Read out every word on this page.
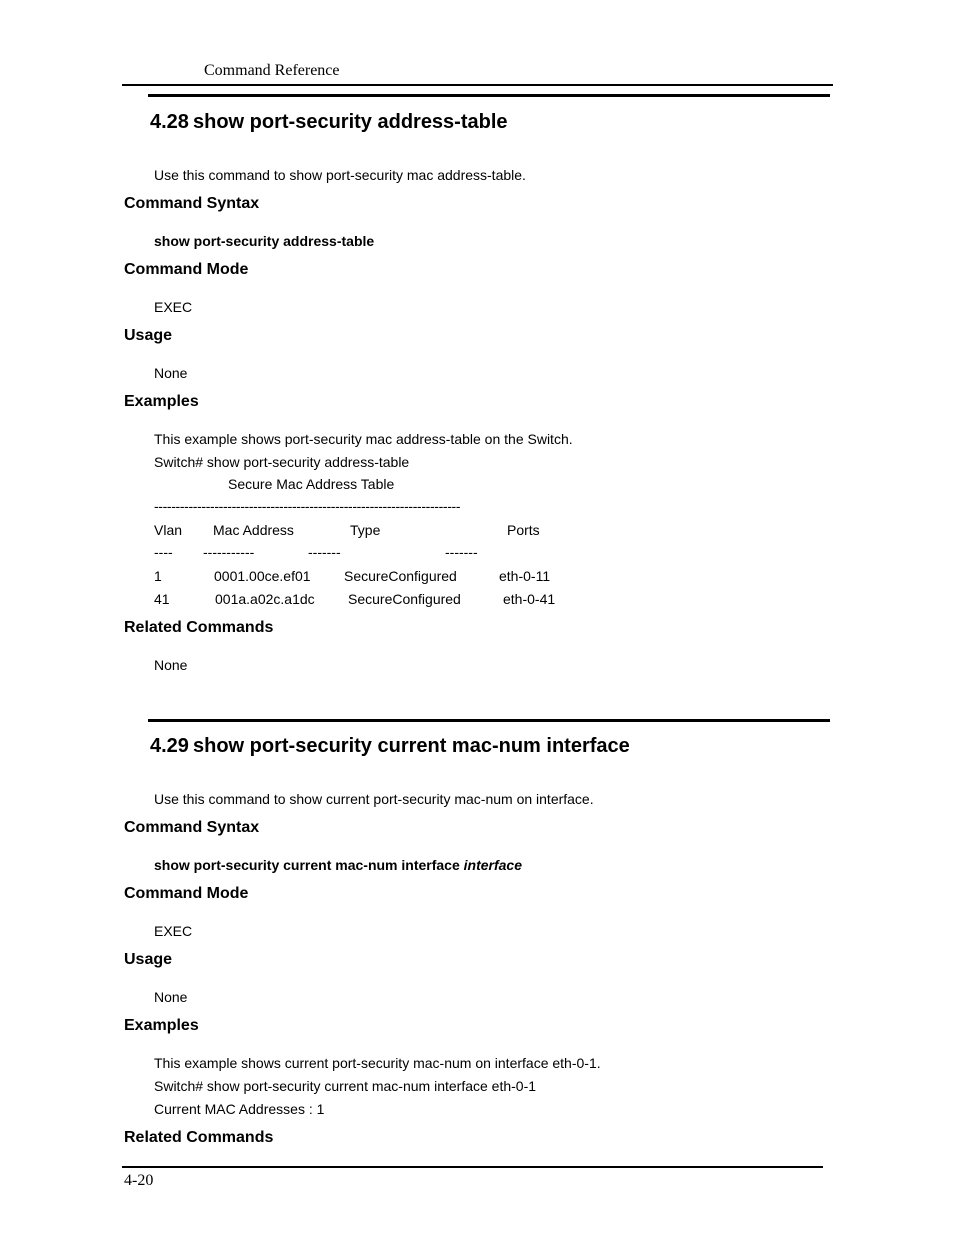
Command Reference
4.28 show port-security address-table
Use this command to show port-security mac address-table.
Command Syntax
show port-security address-table
Command Mode
EXEC
Usage
None
Examples
This example shows port-security mac address-table on the Switch.
Switch# show port-security address-table
Secure Mac Address Table
-----------------------------------------------------------------------
Vlan Mac Address	Type	Ports
---- -----------	-------	-------
1	0001.00ce.ef01 SecureConfigured	eth-0-11
41	001a.a02c.a1dc SecureConfigured	eth-0-41
Related Commands
None
4.29 show port-security current mac-num interface
Use this command to show current port-security mac-num on interface.
Command Syntax
show port-security current mac-num interface interface
Command Mode
EXEC
Usage
None
Examples
This example shows current port-security mac-num on interface eth-0-1.
Switch# show port-security current mac-num interface eth-0-1
Current MAC Addresses : 1
Related Commands
4-20
